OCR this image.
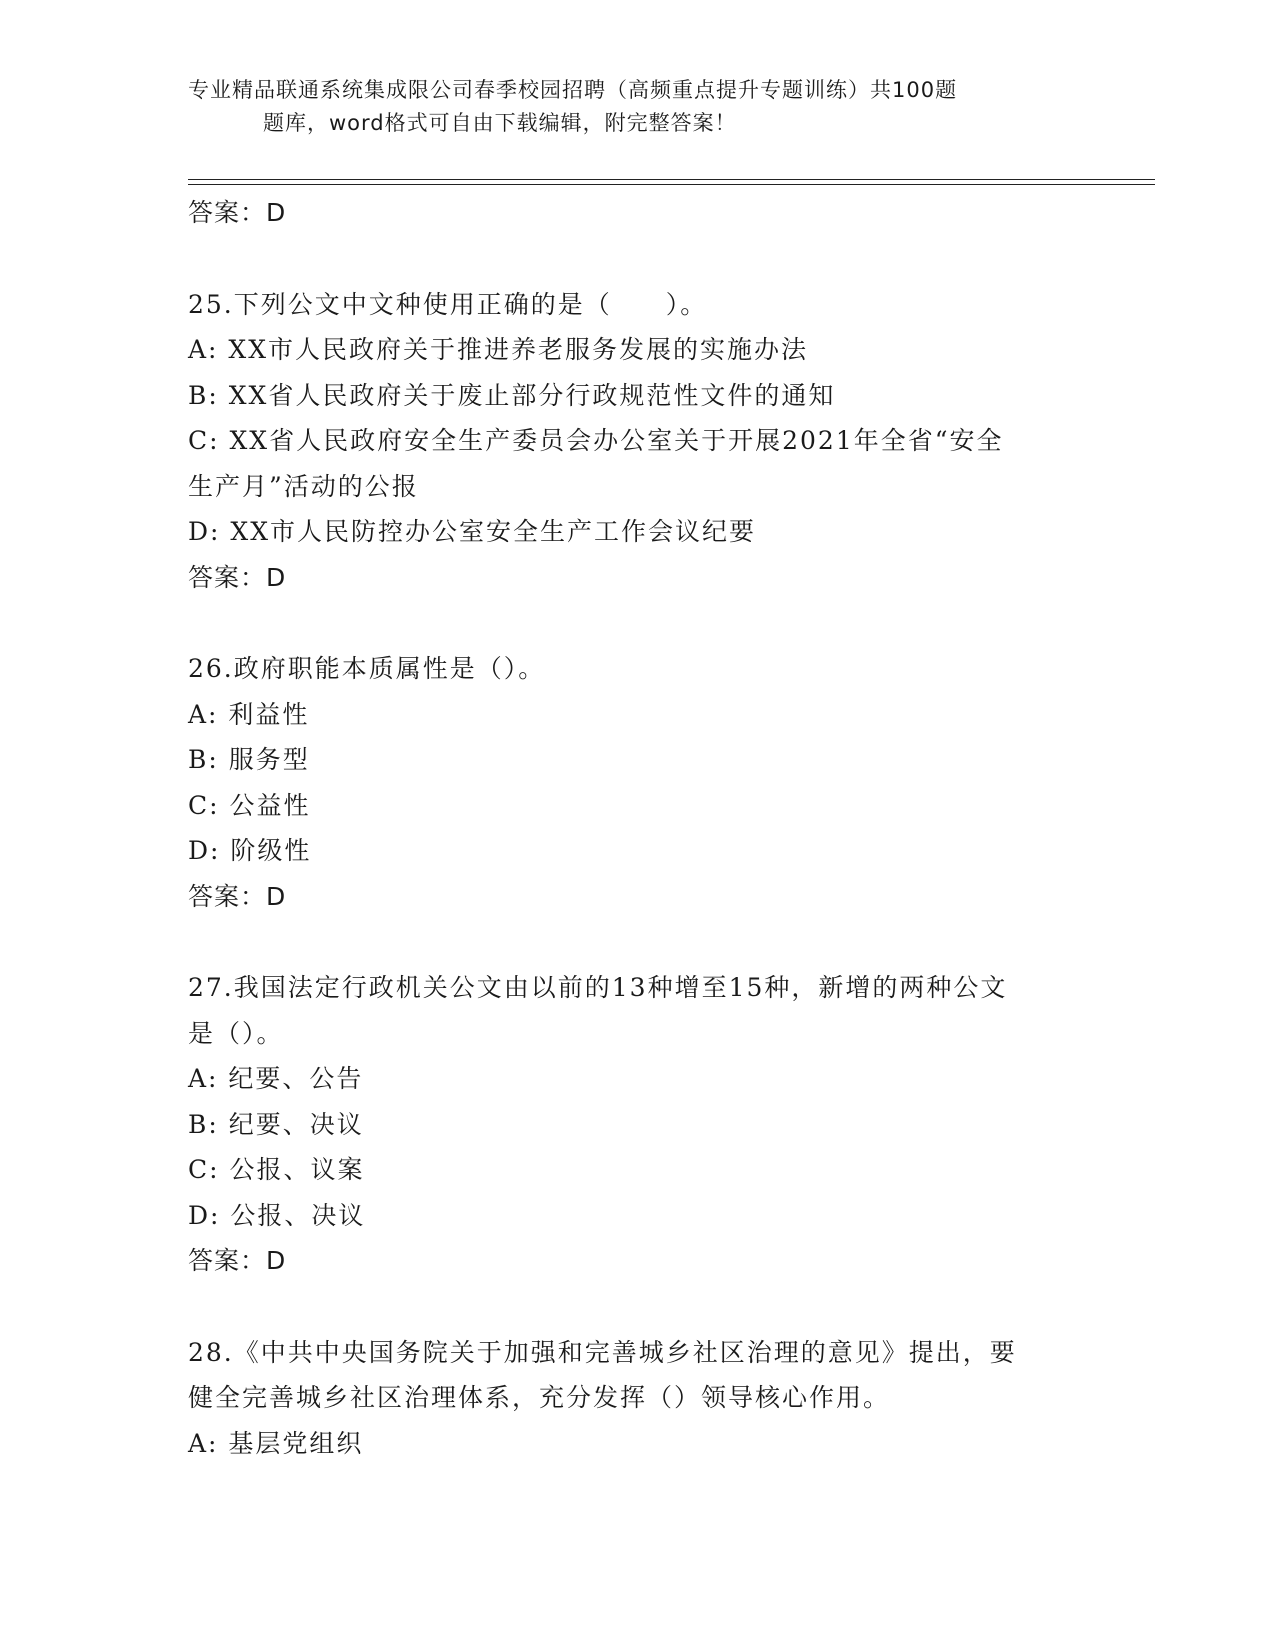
专业精品联通系统集成限公司春季校园招聘（高频重点提升专题训练）共100题
题库，word格式可自由下载编辑，附完整答案！
答案：D
25.下列公文中文种使用正确的是（　　）。
A: XX市人民政府关于推进养老服务发展的实施办法
B: XX省人民政府关于废止部分行政规范性文件的通知
C: XX省人民政府安全生产委员会办公室关于开展2021年全省“安全
生产月”活动的公报
D: XX市人民防控办公室安全生产工作会议纪要
答案：D
26.政府职能本质属性是（）。
A: 利益性
B: 服务型
C: 公益性
D: 阶级性
答案：D
27.我国法定行政机关公文由以前的13种增至15种，新增的两种公文
是（）。
A: 纪要、公告
B: 纪要、决议
C: 公报、议案
D: 公报、决议
答案：D
28.《中共中央国务院关于加强和完善城乡社区治理的意见》提出，要
健全完善城乡社区治理体系，充分发挥（）领导核心作用。
A: 基层党组织
